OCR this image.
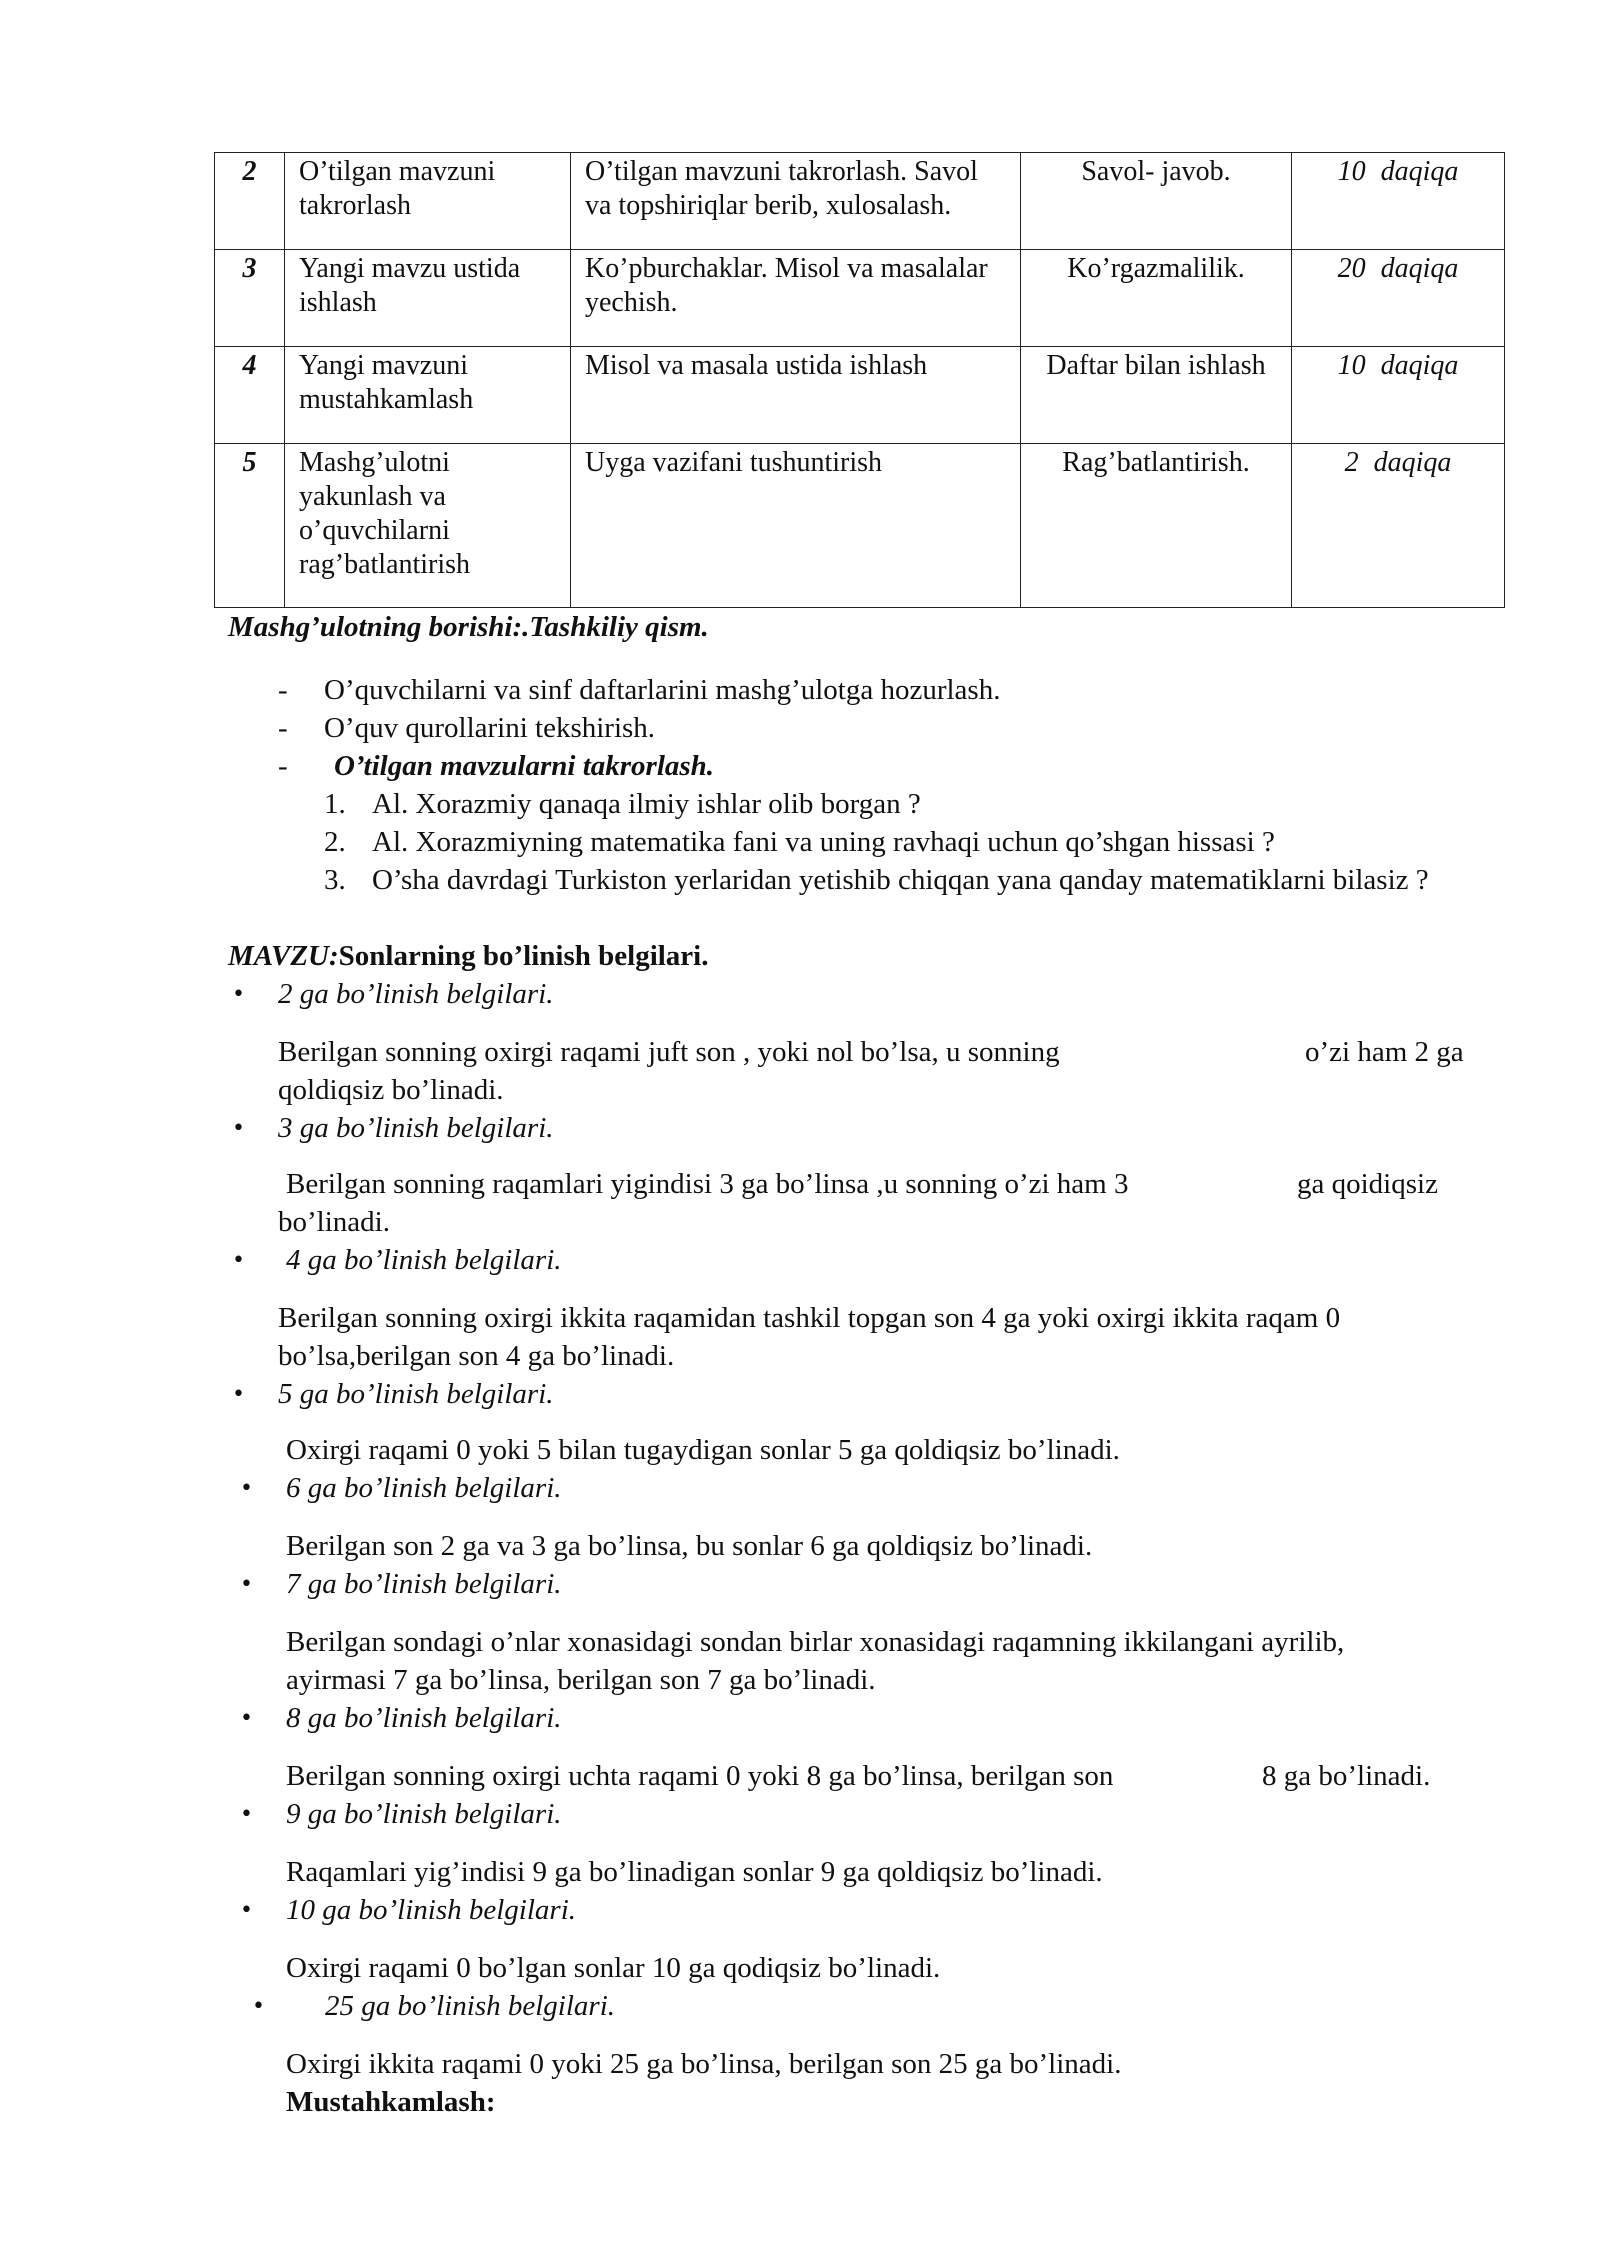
2	O’tilgan mavzuni takrorlash	O’tilgan mavzuni takrorlash. Savol va topshiriqlar berib, xulosalash.	Savol- javob.	10 daqiqa
3	Yangi mavzu ustida ishlash	Ko’pburchaklar. Misol va masalalar yechish.	Ko’rgazmalilik.	20 daqiqa
4	Yangi mavzuni mustahkamlash	Misol va masala ustida ishlash	Daftar bilan ishlash	10 daqiqa
5	Mashg’ulotni yakunlash va o’quvchilarni rag’batlantirish	Uyga vazifani tushuntirish	Rag’batlantirish.	2 daqiqa
Mashg’ulotning borishi:.Tashkiliy qism.
- O’quvchilarni va sinf daftarlarini mashg’ulotga hozurlash.
- O’quv qurollarini tekshirish.
- O’tilgan mavzularni takrorlash.
1. Al. Xorazmiy qanaqa ilmiy ishlar olib borgan ?
2. Al. Xorazmiyning matematika fani va uning ravhaqi uchun qo’shgan hissasi ?
3. O’sha davrdagi Turkiston yerlaridan yetishib chiqqan yana qanday matematiklarni bilasiz ?
MAVZU:Sonlarning bo’linish belgilari.
• 2 ga bo’linish belgilari.
Berilgan sonning oxirgi raqami juft son , yoki nol bo’lsa, u sonning	o’zi ham 2 ga
qoldiqsiz bo’linadi.
• 3 ga bo’linish belgilari.
Berilgan sonning raqamlari yigindisi 3 ga bo’linsa ,u sonning o’zi ham 3	ga qoidiqsiz
bo’linadi.
• 4 ga bo’linish belgilari.
Berilgan sonning oxirgi ikkita raqamidan tashkil topgan son 4 ga yoki oxirgi ikkita raqam 0
bo’lsa,berilgan son 4 ga bo’linadi.
• 5 ga bo’linish belgilari.
Oxirgi raqami 0 yoki 5 bilan tugaydigan sonlar 5 ga qoldiqsiz bo’linadi.
• 6 ga bo’linish belgilari.
Berilgan son 2 ga va 3 ga bo’linsa, bu sonlar 6 ga qoldiqsiz bo’linadi.
• 7 ga bo’linish belgilari.
Berilgan sondagi o’nlar xonasidagi sondan birlar xonasidagi raqamning ikkilangani ayrilib,
ayirmasi 7 ga bo’linsa, berilgan son 7 ga bo’linadi.
• 8 ga bo’linish belgilari.
Berilgan sonning oxirgi uchta raqami 0 yoki 8 ga bo’linsa, berilgan son	8 ga bo’linadi.
• 9 ga bo’linish belgilari.
Raqamlari yig’indisi 9 ga bo’linadigan sonlar 9 ga qoldiqsiz bo’linadi.
• 10 ga bo’linish belgilari.
Oxirgi raqami 0 bo’lgan sonlar 10 ga qodiqsiz bo’linadi.
• 25 ga bo’linish belgilari.
Oxirgi ikkita raqami 0 yoki 25 ga bo’linsa, berilgan son 25 ga bo’linadi.
Mustahkamlash:
